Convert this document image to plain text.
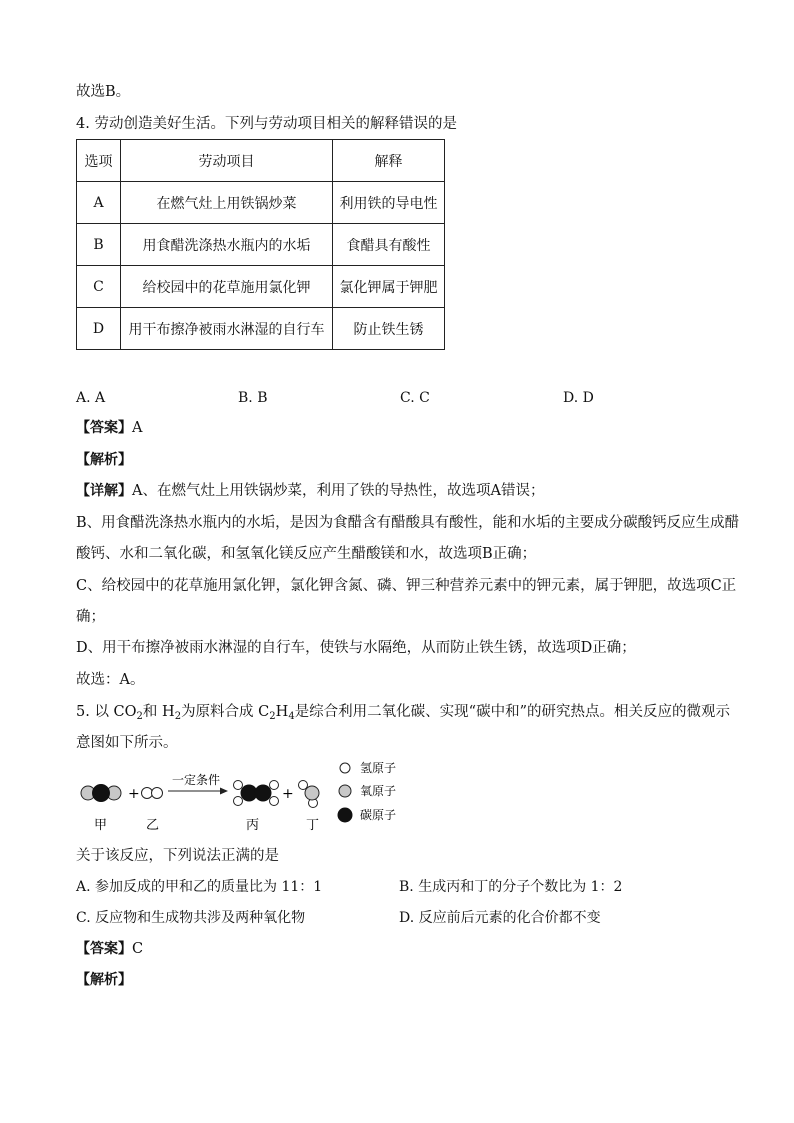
故选B。
4. 劳动创造美好生活。下列与劳动项目相关的解释错误的是
选项	劳动项目	解释
A	在燃气灶上用铁锅炒菜	利用铁的导电性
B	用食醋洗涤热水瓶内的水垢	食醋具有酸性
C	给校园中的花草施用氯化钾	氯化钾属于钾肥
D	用干布擦净被雨水淋湿的自行车	防止铁生锈
A. A	B. B	C. C	D. D
【答案】A
【解析】
【详解】A、在燃气灶上用铁锅炒菜，利用了铁的导热性，故选项A错误；
B、用食醋洗涤热水瓶内的水垢，是因为食醋含有醋酸具有酸性，能和水垢的主要成分碳酸钙反应生成醋
酸钙、水和二氧化碳，和氢氧化镁反应产生醋酸镁和水，故选项B正确；
C、给校园中的花草施用氯化钾，氯化钾含氮、磷、钾三种营养元素中的钾元素，属于钾肥，故选项C正
确；
D、用干布擦净被雨水淋湿的自行车，使铁与水隔绝，从而防止铁生锈，故选项D正确；
故选：A。
5. 以 $CO_2$和 $H_2$为原料合成 $C_2H_4$是综合利用二氧化碳、实现“碳中和”的研究热点。相关反应的微观示
意图如下所示。
+
一定条件
+
甲	乙	丙	丁
氢原子
氧原子
碳原子
关于该反应，下列说法正满的是
A. 参加反成的甲和乙的质量比为 11：1	B. 生成丙和丁的分子个数比为 1：2
C. 反应物和生成物共涉及两种氧化物	D. 反应前后元素的化合价都不变
【答案】C
【解析】
